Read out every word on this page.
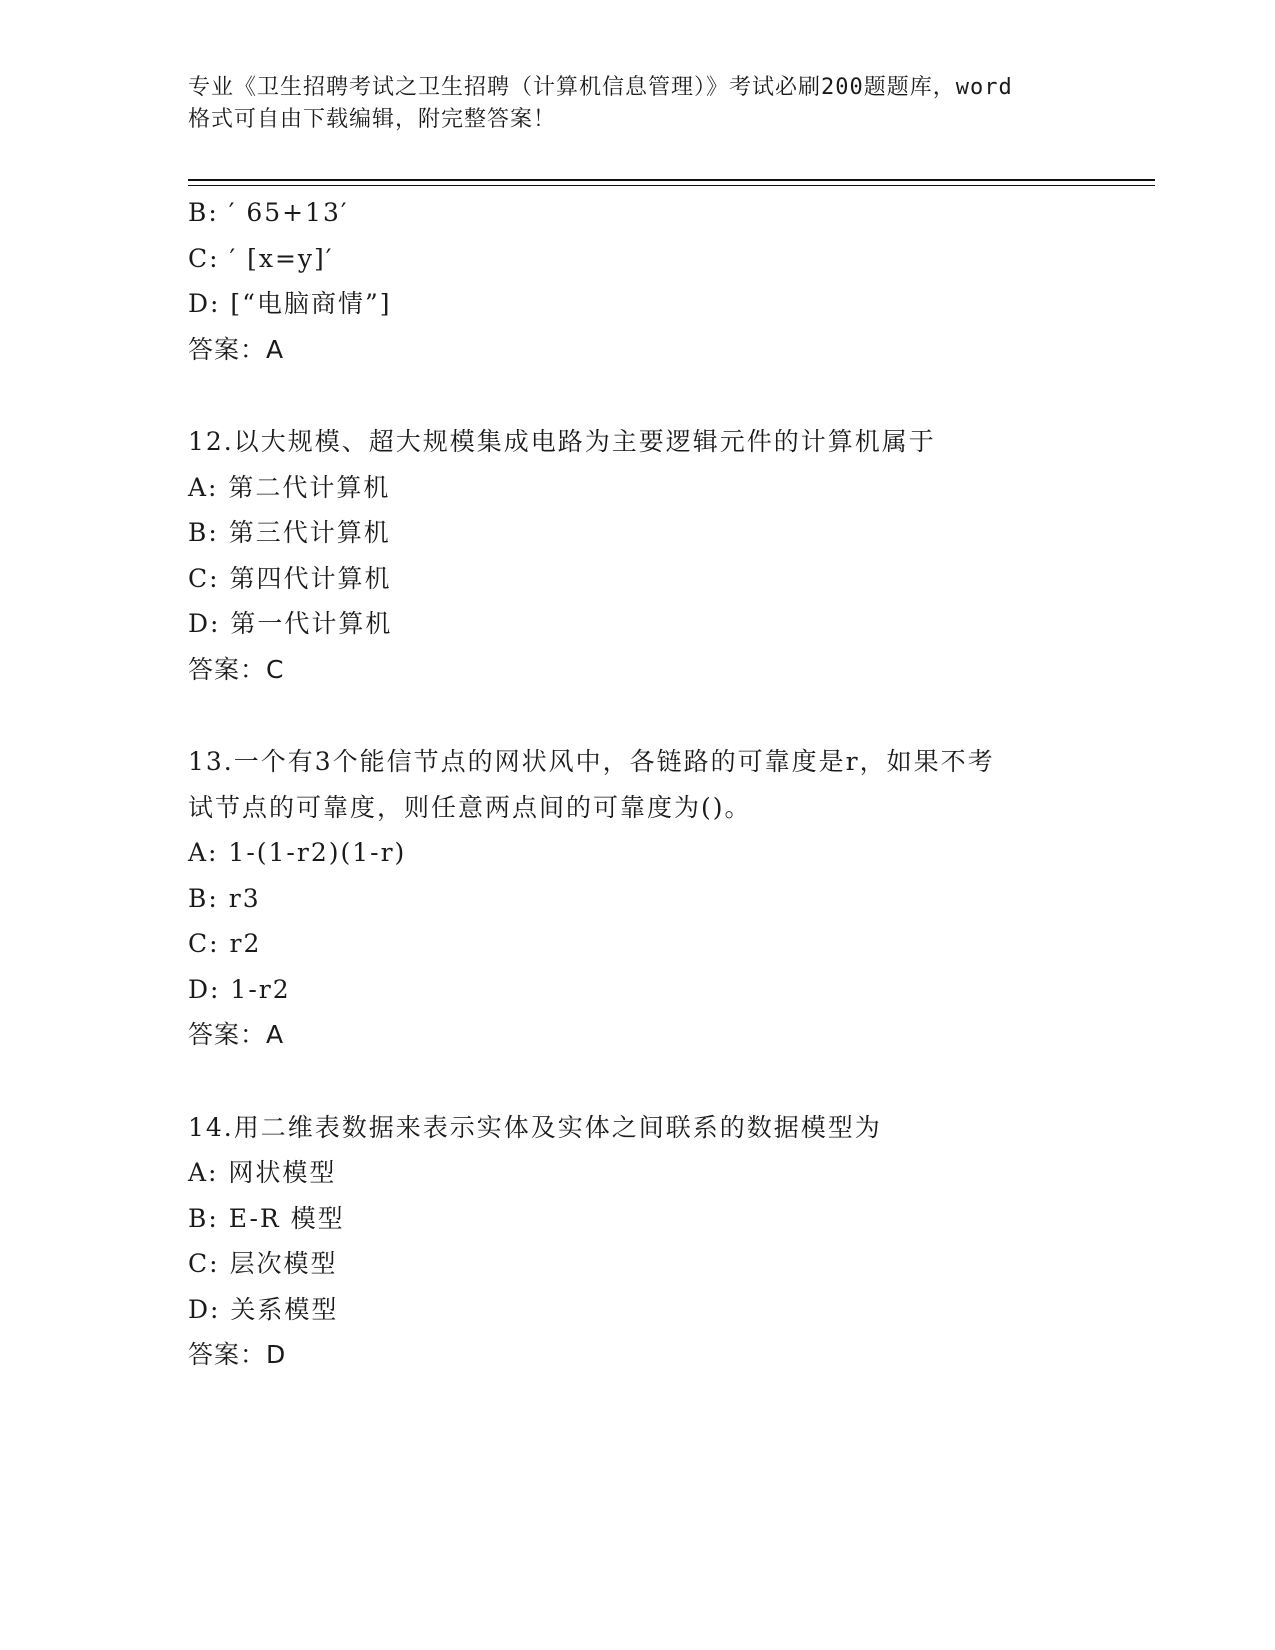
专业《卫生招聘考试之卫生招聘（计算机信息管理）》考试必刷200题题库，word
格式可自由下载编辑，附完整答案！
B: ′ 65+13′
C: ′ [x=y]′
D: [“电脑商情”]
答案：A
12.以大规模、超大规模集成电路为主要逻辑元件的计算机属于
A: 第二代计算机
B: 第三代计算机
C: 第四代计算机
D: 第一代计算机
答案：C
13.一个有3个能信节点的网状风中，各链路的可靠度是r，如果不考
试节点的可靠度，则任意两点间的可靠度为()。
A: 1-(1-r2)(1-r)
B: r3
C: r2
D: 1-r2
答案：A
14.用二维表数据来表示实体及实体之间联系的数据模型为
A: 网状模型
B: E-R 模型
C: 层次模型
D: 关系模型
答案：D
